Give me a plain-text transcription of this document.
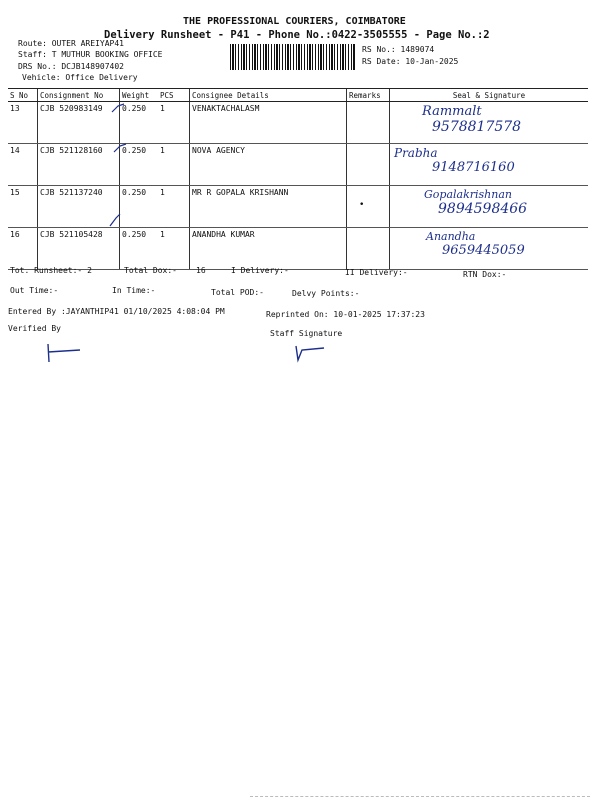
THE PROFESSIONAL COURIERS, COIMBATORE
Delivery Runsheet - P41 - Phone No.:0422-3505555 - Page No.:2
Route: OUTER AREIYAP41
Staff: T MUTHUR BOOKING OFFICE
DRS No.: DCJB148907402
Vehicle: Office Delivery
RS No.: 1489074
RS Date: 10-Jan-2025
S No	Consignment No	Weight	PCS	Consignee Details	Remarks	Seal & Signature
13	CJB 520983149	0.250	1	VENAKTACHALASM		Rammalt
9578817578

14	CJB 521128160	0.250	1	NOVA AGENCY		Prabha
9148716160

15	CJB 521137240	0.250	1	MR R GOPALA KRISHANN	•	Gopalakrishnan
9894598466

16	CJB 521105428	0.250	1	ANANDHA KUMAR		Anandha
9659445059
Tot. Runsheet:- 2	Total Dox:- 16	I Delivery:-	II Delivery:-	RTN Dox:-
Out Time:-	In Time:-	Total POD:-	Delvy Points:-
Entered By :JAYANTHIP41 01/10/2025 4:08:04 PM	Reprinted On: 10-01-2025 17:37:23
Verified By
Staff Signature
